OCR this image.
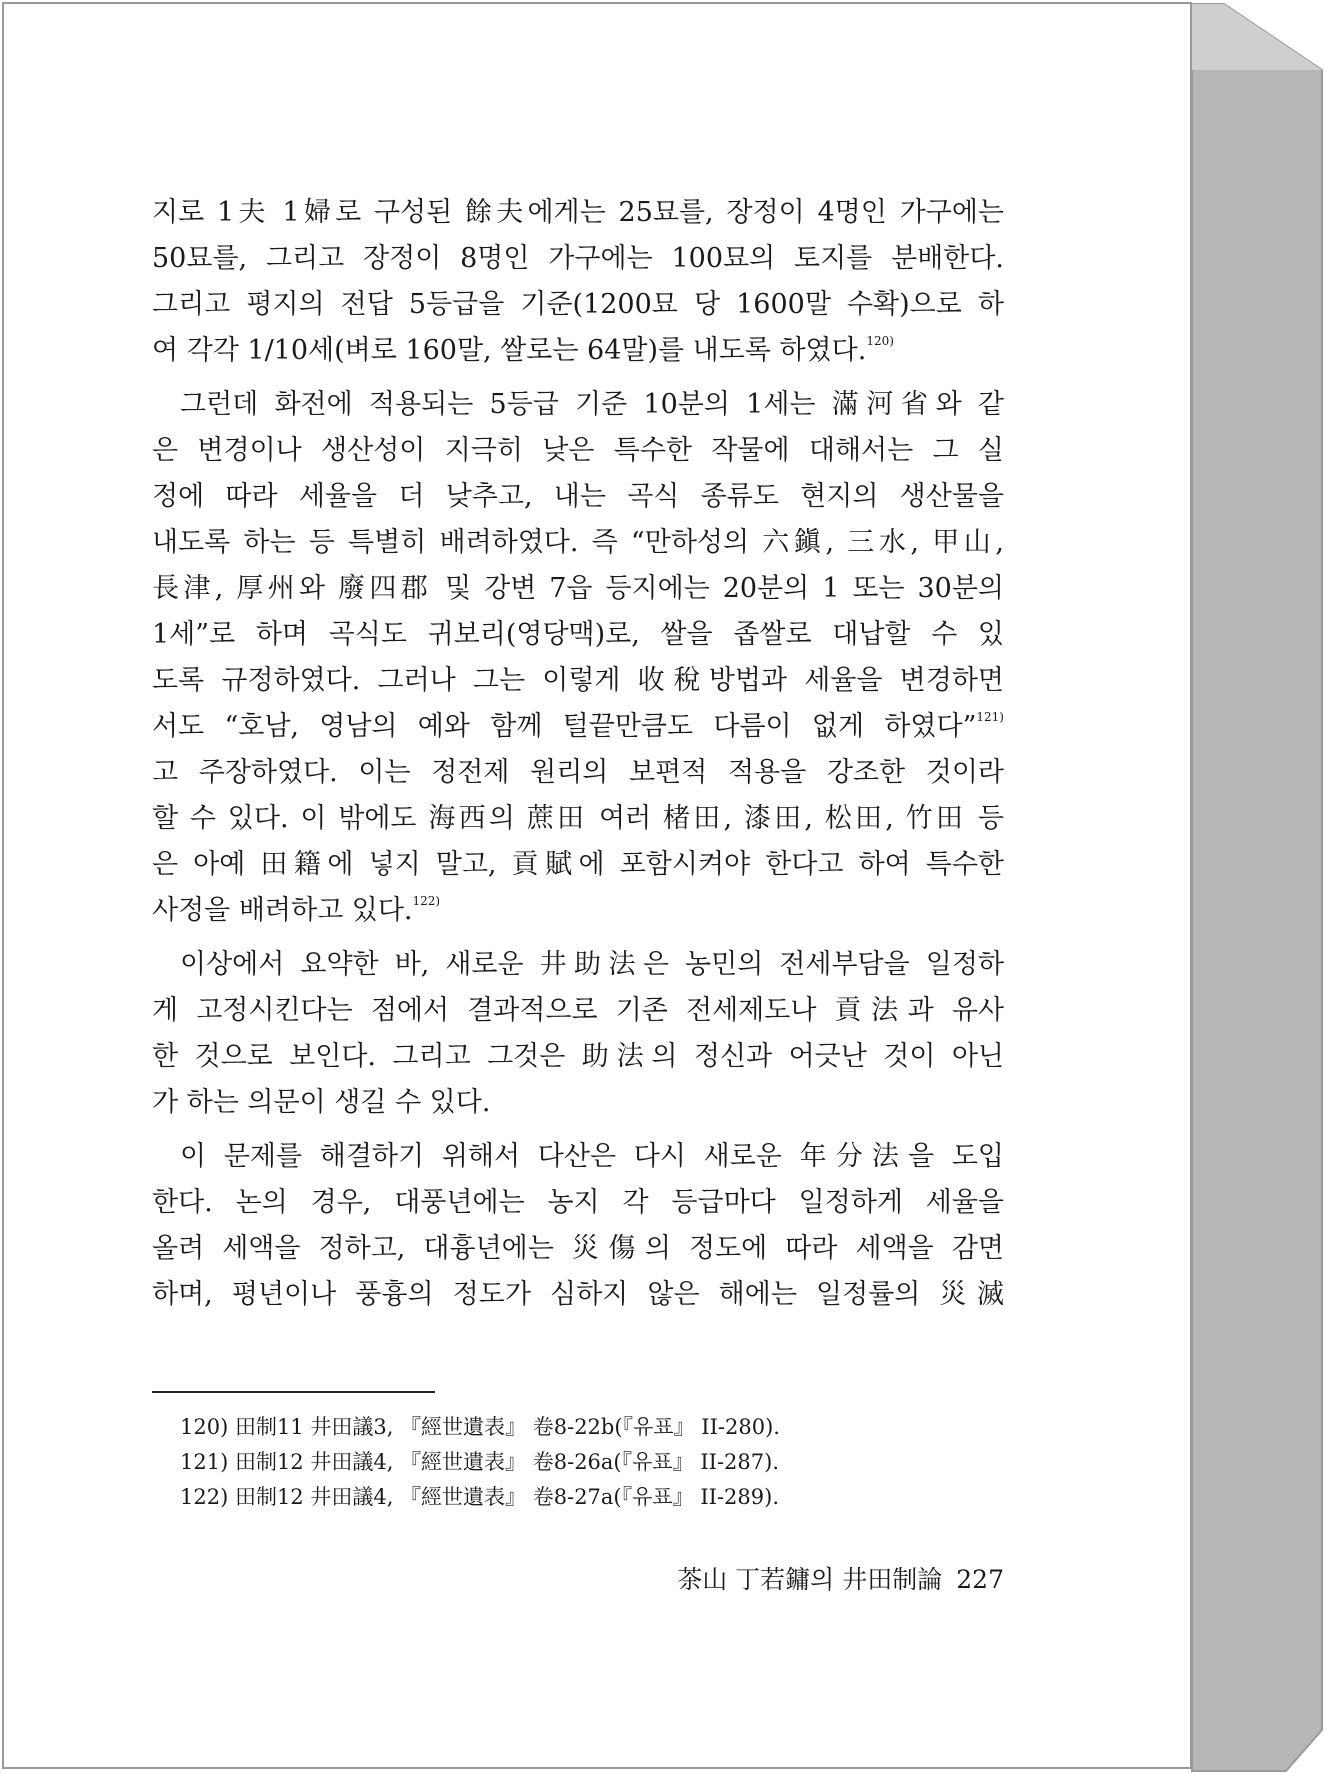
지로 1夫 1婦로 구성된 餘夫에게는 25묘를, 장정이 4명인 가구에는
50묘를, 그리고 장정이 8명인 가구에는 100묘의 토지를 분배한다.
그리고 평지의 전답 5등급을 기준(1200묘 당 1600말 수확)으로 하
여 각각 1/10세(벼로 160말, 쌀로는 64말)를 내도록 하였다.$^{120)}$
그런데 화전에 적용되는 5등급 기준 10분의 1세는 滿河省와 같
은 변경이나 생산성이 지극히 낮은 특수한 작물에 대해서는 그 실
정에 따라 세율을 더 낮추고, 내는 곡식 종류도 현지의 생산물을
내도록 하는 등 특별히 배려하였다. 즉 “만하성의 六鎭, 三水, 甲山,
長津, 厚州와 廢四郡 및 강변 7읍 등지에는 20분의 1 또는 30분의
1세”로 하며 곡식도 귀보리(영당맥)로, 쌀을 좁쌀로 대납할 수 있
도록 규정하였다. 그러나 그는 이렇게 收稅방법과 세율을 변경하면
서도 “호남, 영남의 예와 함께 털끝만큼도 다름이 없게 하였다”$^{121)}$
고 주장하였다. 이는 정전제 원리의 보편적 적용을 강조한 것이라
할 수 있다. 이 밖에도 海西의 蔗田 여러 楮田, 漆田, 松田, 竹田 등
은 아예 田籍에 넣지 말고, 貢賦에 포함시켜야 한다고 하여 특수한
사정을 배려하고 있다.$^{122)}$
이상에서 요약한 바, 새로운 井助法은 농민의 전세부담을 일정하
게 고정시킨다는 점에서 결과적으로 기존 전세제도나 貢法과 유사
한 것으로 보인다. 그리고 그것은 助法의 정신과 어긋난 것이 아닌
가 하는 의문이 생길 수 있다.
이 문제를 해결하기 위해서 다산은 다시 새로운 年分法을 도입
한다. 논의 경우, 대풍년에는 농지 각 등급마다 일정하게 세율을
올려 세액을 정하고, 대흉년에는 災傷의 정도에 따라 세액을 감면
하며, 평년이나 풍흉의 정도가 심하지 않은 해에는 일정률의 災滅

120) 田制11 井田議3, 『經世遺表』 卷8-22b(『유표』 II-280).

121) 田制12 井田議4, 『經世遺表』 卷8-26a(『유표』 II-287).

122) 田制12 井田議4, 『經世遺表』 卷8-27a(『유표』 II-289).

茶山 丁若鏞의 井田制論 227
